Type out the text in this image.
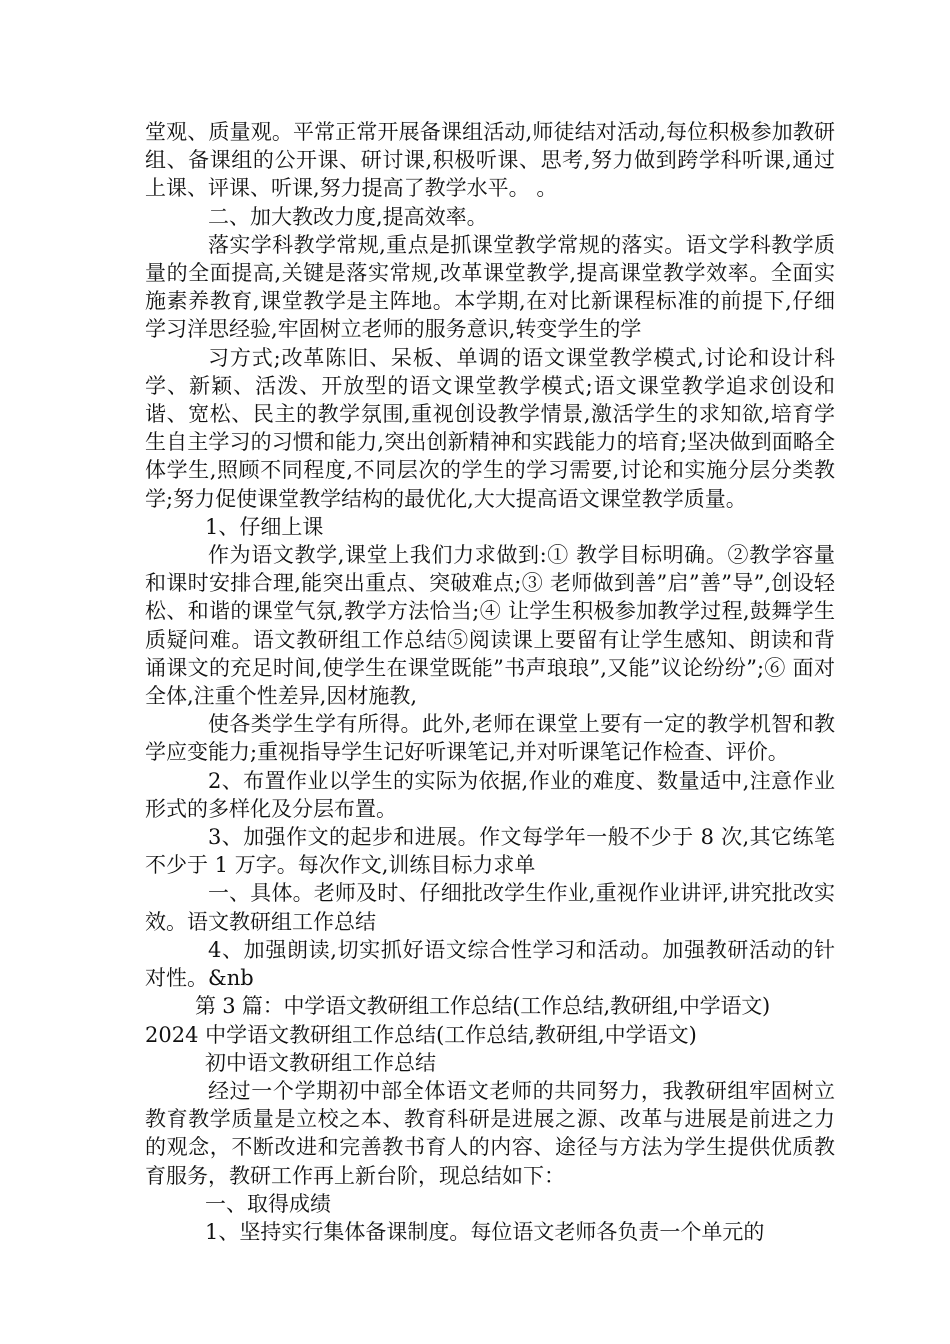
堂观、质量观。平常正常开展备课组活动,师徒结对活动,每位积极参加教研组、备课组的公开课、研讨课,积极听课、思考,努力做到跨学科听课,通过上课、评课、听课,努力提高了教学水平。 。

二、加大教改力度,提高效率。

落实学科教学常规,重点是抓课堂教学常规的落实。语文学科教学质量的全面提高,关键是落实常规,改革课堂教学,提高课堂教学效率。全面实施素养教育,课堂教学是主阵地。本学期,在对比新课程标准的前提下,仔细学习洋思经验,牢固树立老师的服务意识,转变学生的学

习方式;改革陈旧、呆板、单调的语文课堂教学模式,讨论和设计科学、新颖、活泼、开放型的语文课堂教学模式;语文课堂教学追求创设和谐、宽松、民主的教学氛围,重视创设教学情景,激活学生的求知欲,培育学生自主学习的习惯和能力,突出创新精神和实践能力的培育;坚决做到面略全体学生,照顾不同程度,不同层次的学生的学习需要,讨论和实施分层分类教学;努力促使课堂教学结构的最优化,大大提高语文课堂教学质量。

1、仔细上课

作为语文教学,课堂上我们力求做到:① 教学目标明确。②教学容量和课时安排合理,能突出重点、突破难点;③ 老师做到善”启”善”导”,创设轻松、和谐的课堂气氛,教学方法恰当;④ 让学生积极参加教学过程,鼓舞学生质疑问难。语文教研组工作总结⑤阅读课上要留有让学生感知、朗读和背诵课文的充足时间,使学生在课堂既能”书声琅琅”,又能”议论纷纷”;⑥ 面对全体,注重个性差异,因材施教,

使各类学生学有所得。此外,老师在课堂上要有一定的教学机智和教学应变能力;重视指导学生记好听课笔记,并对听课笔记作检查、评价。

2、布置作业以学生的实际为依据,作业的难度、数量适中,注意作业形式的多样化及分层布置。

3、加强作文的起步和进展。作文每学年一般不少于 8 次,其它练笔不少于 1 万字。每次作文,训练目标力求单

一、具体。老师及时、仔细批改学生作业,重视作业讲评,讲究批改实效。语文教研组工作总结

4、加强朗读,切实抓好语文综合性学习和活动。加强教研活动的针对性。&nb

第 3 篇：中学语文教研组工作总结(工作总结,教研组,中学语文)

2024 中学语文教研组工作总结(工作总结,教研组,中学语文)

初中语文教研组工作总结

经过一个学期初中部全体语文老师的共同努力，我教研组牢固树立教育教学质量是立校之本、教育科研是进展之源、改革与进展是前进之力的观念，不断改进和完善教书育人的内容、途径与方法为学生提供优质教育服务，教研工作再上新台阶，现总结如下：

一、取得成绩

1、坚持实行集体备课制度。每位语文老师各负责一个单元的
